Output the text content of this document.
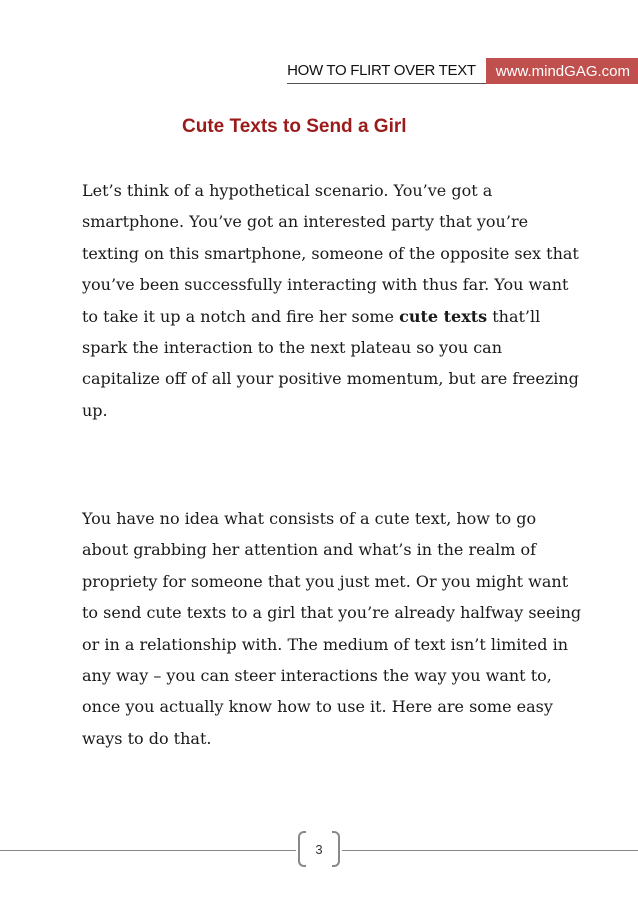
HOW TO FLIRT OVER TEXT	www.mindGAG.com
Cute Texts to Send a Girl

Let’s think of a hypothetical scenario. You’ve got a smartphone. You’ve got an interested party that you’re texting on this smartphone, someone of the opposite sex that you’ve been successfully interacting with thus far. You want to take it up a notch and fire her some cute texts that’ll spark the interaction to the next plateau so you can capitalize off of all your positive momentum, but are freezing up.

You have no idea what consists of a cute text, how to go about grabbing her attention and what’s in the realm of propriety for someone that you just met. Or you might want to send cute texts to a girl that you’re already halfway seeing or in a relationship with. The medium of text isn’t limited in any way – you can steer interactions the way you want to, once you actually know how to use it. Here are some easy ways to do that.

3
